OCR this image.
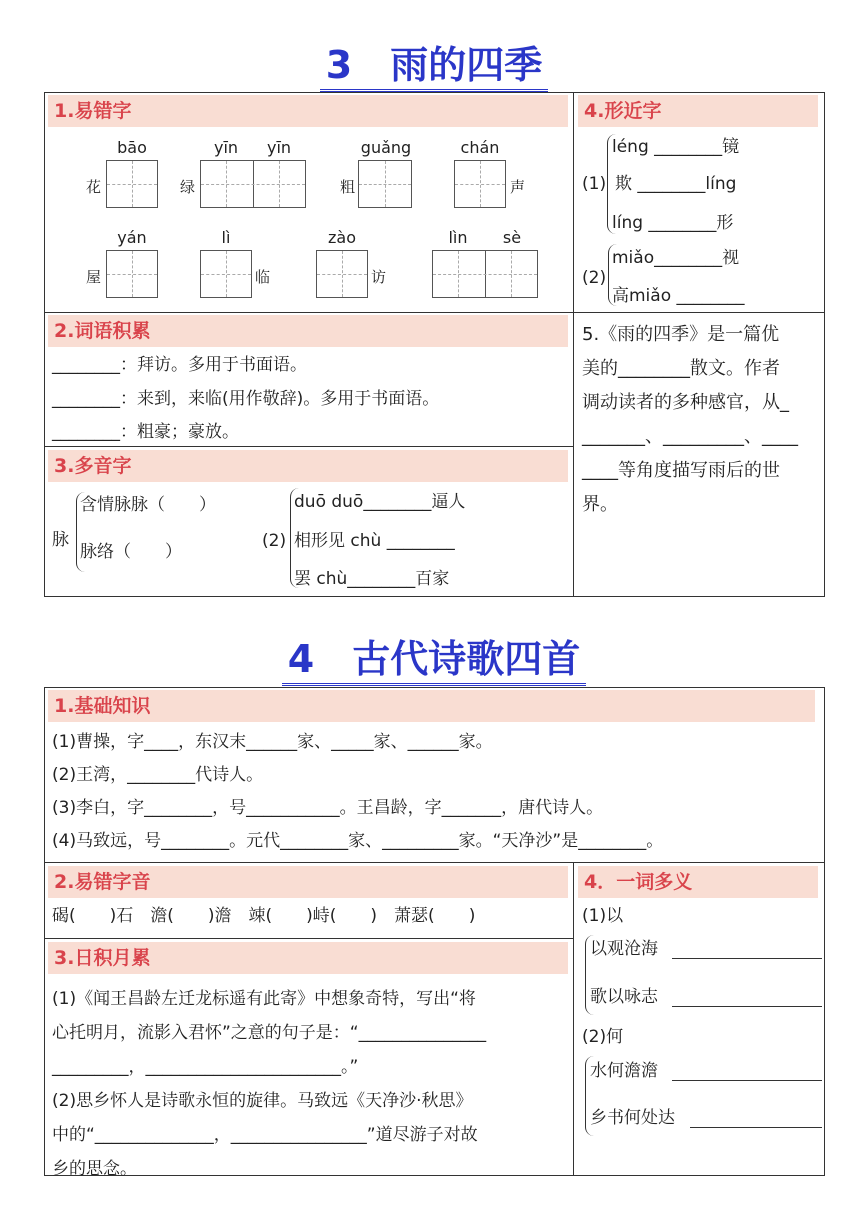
3　雨的四季
1.易错字
bāo	yīn	yīn	guǎng	chán
花	绿	粗	声
yán	lì	zào	lìn	sè
屋	临	访
4.形近字
(1)
léng ________镜
欺 ________líng
líng ________形
(2)
miǎo________视
高miǎo ________
2.词语积累
________：拜访。多用于书面语。
________：来到，来临(用作敬辞)。多用于书面语。
________：粗豪；豪放。
5.《雨的四季》是一篇优
美的________散文。作者
调动读者的多种感官，从_
_______、_________、____
____等角度描写雨后的世
界。
3.多音字
脉
含情脉脉（　　）
脉络（　　）
(2)
duō duō________逼人
相形见 chù ________
罢 chù________百家
4　古代诗歌四首
1.基础知识
(1)曹操，字____，东汉末______家、_____家、______家。
(2)王湾，________代诗人。
(3)李白，字________，号___________。王昌龄，字_______，唐代诗人。
(4)马致远，号________。元代________家、_________家。“天净沙”是________。
2.易错字音
碣(　　)石　澹(　　)澹　竦(　　)峙(　　)　萧瑟(　　)
3.日积月累
(1)《闻王昌龄左迁龙标遥有此寄》中想象奇特，写出“将
心托明月，流影入君怀”之意的句子是：“_______________
_________，_______________________。”
(2)思乡怀人是诗歌永恒的旋律。马致远《天净沙·秋思》
中的“______________，________________”道尽游子对故
乡的思念。
4．一词多义
(1)以
以观沧海
歌以咏志
(2)何
水何澹澹
乡书何处达
